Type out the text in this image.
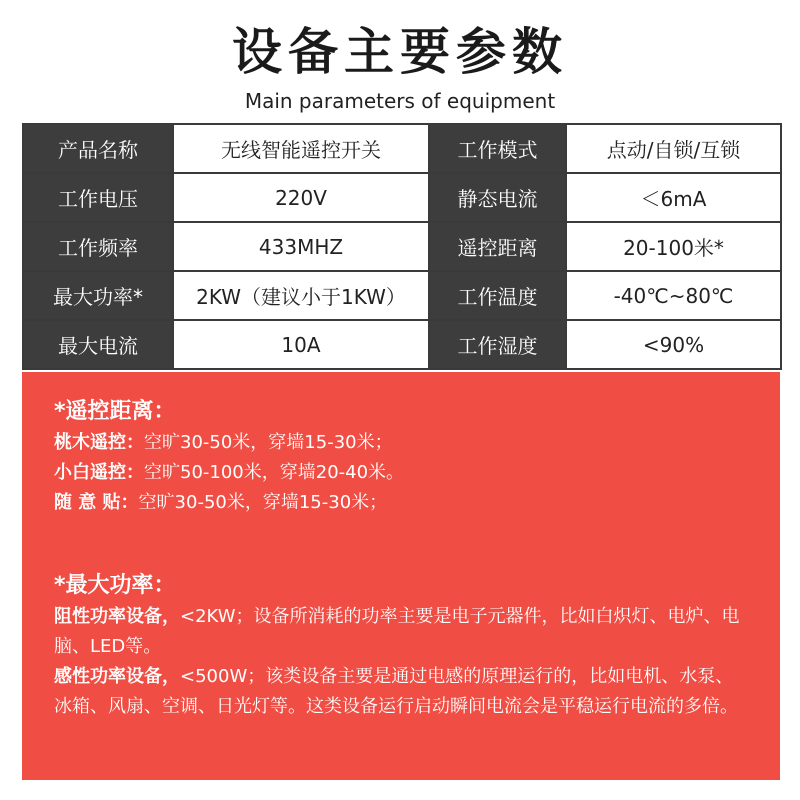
设备主要参数
Main parameters of equipment
产品名称	无线智能遥控开关	工作模式	点动/自锁/互锁
工作电压	220V	静态电流	＜6mA
工作频率	433MHZ	遥控距离	20-100米*
最大功率*	2KW（建议小于1KW）	工作温度	-40℃~80℃
最大电流	10A	工作湿度	<90%
*遥控距离：
桃木遥控：空旷30-50米，穿墙15-30米；
小白遥控：空旷50-100米，穿墙20-40米。
随 意 贴：空旷30-50米，穿墙15-30米；
*最大功率：
阻性功率设备，<2KW；设备所消耗的功率主要是电子元器件，比如白炽灯、电炉、电脑、LED等。
感性功率设备，<500W；该类设备主要是通过电感的原理运行的，比如电机、水泵、冰箱、风扇、空调、日光灯等。这类设备运行启动瞬间电流会是平稳运行电流的多倍。
